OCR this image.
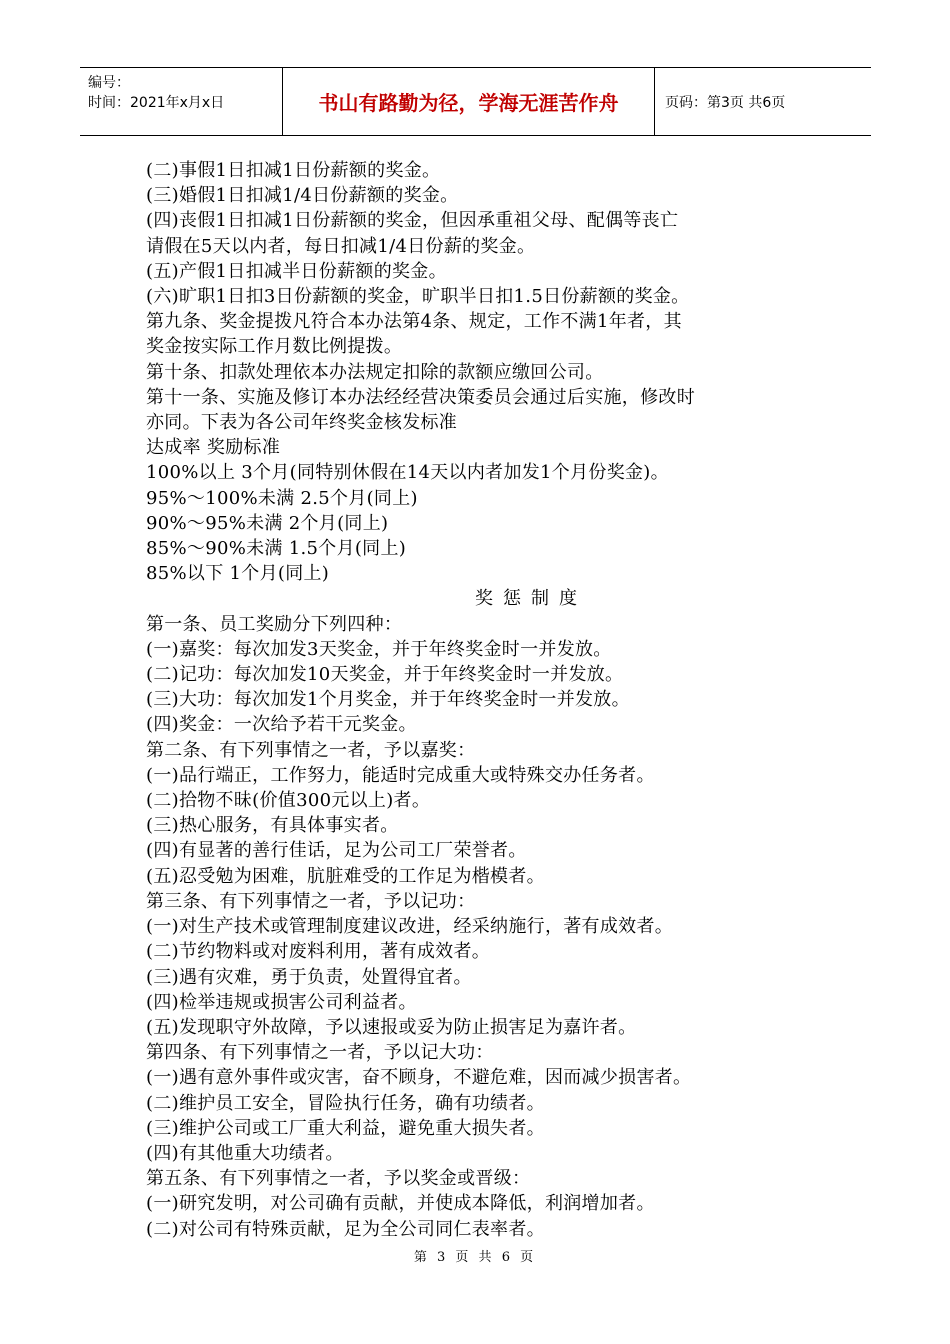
编号：
时间：2021年x月x日	书山有路勤为径，学海无涯苦作舟	页码：第3页 共6页
(二)事假1日扣减1日份薪额的奖金。
(三)婚假1日扣减1/4日份薪额的奖金。
(四)丧假1日扣减1日份薪额的奖金，但因承重祖父母、配偶等丧亡
请假在5天以内者，每日扣减1/4日份薪的奖金。
(五)产假1日扣减半日份薪额的奖金。
(六)旷职1日扣3日份薪额的奖金，旷职半日扣1.5日份薪额的奖金。
第九条、奖金提拨凡符合本办法第4条、规定，工作不满1年者，其
奖金按实际工作月数比例提拨。
第十条、扣款处理依本办法规定扣除的款额应缴回公司。
第十一条、实施及修订本办法经经营决策委员会通过后实施，修改时
亦同。下表为各公司年终奖金核发标准
达成率 奖励标准
100%以上 3个月(同特别休假在14天以内者加发1个月份奖金)。
95%～100%未满 2.5个月(同上)
90%～95%未满 2个月(同上)
85%～90%未满 1.5个月(同上)
85%以下 1个月(同上)
奖惩制度
第一条、员工奖励分下列四种：
(一)嘉奖：每次加发3天奖金，并于年终奖金时一并发放。
(二)记功：每次加发10天奖金，并于年终奖金时一并发放。
(三)大功：每次加发1个月奖金，并于年终奖金时一并发放。
(四)奖金：一次给予若干元奖金。
第二条、有下列事情之一者，予以嘉奖：
(一)品行端正，工作努力，能适时完成重大或特殊交办任务者。
(二)拾物不昧(价值300元以上)者。
(三)热心服务，有具体事实者。
(四)有显著的善行佳话，足为公司工厂荣誉者。
(五)忍受勉为困难，肮脏难受的工作足为楷模者。
第三条、有下列事情之一者，予以记功：
(一)对生产技术或管理制度建议改进，经采纳施行，著有成效者。
(二)节约物料或对废料利用，著有成效者。
(三)遇有灾难，勇于负责，处置得宜者。
(四)检举违规或损害公司利益者。
(五)发现职守外故障，予以速报或妥为防止损害足为嘉许者。
第四条、有下列事情之一者，予以记大功：
(一)遇有意外事件或灾害，奋不顾身，不避危难，因而减少损害者。
(二)维护员工安全，冒险执行任务，确有功绩者。
(三)维护公司或工厂重大利益，避免重大损失者。
(四)有其他重大功绩者。
第五条、有下列事情之一者，予以奖金或晋级：
(一)研究发明，对公司确有贡献，并使成本降低，利润增加者。
(二)对公司有特殊贡献，足为全公司同仁表率者。
第 3 页 共 6 页
